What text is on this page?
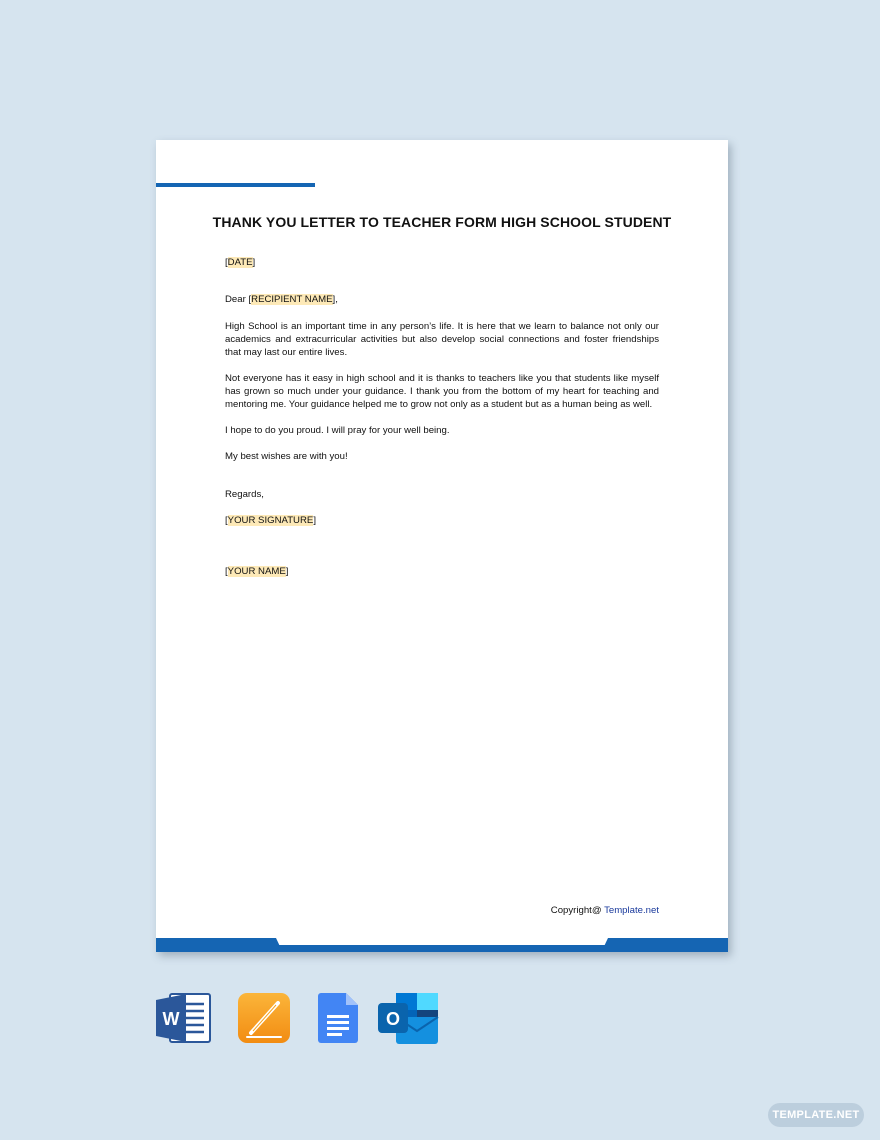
THANK YOU LETTER TO TEACHER FORM HIGH SCHOOL STUDENT

[DATE]

Dear [RECIPIENT NAME],

High School is an important time in any person’s life. It is here that we learn to balance not only our academics and extracurricular activities but also develop social connections and foster friendships that may last our entire lives.

Not everyone has it easy in high school and it is thanks to teachers like you that students like myself has grown so much under your guidance. I thank you from the bottom of my heart for teaching and mentoring me. Your guidance helped me to grow not only as a student but as a human being as well.

I hope to do you proud. I will pray for your well being.

My best wishes are with you!

Regards,

[YOUR SIGNATURE]

[YOUR NAME]

Copyright@ Template.net
W	O
TEMPLATE.NET
